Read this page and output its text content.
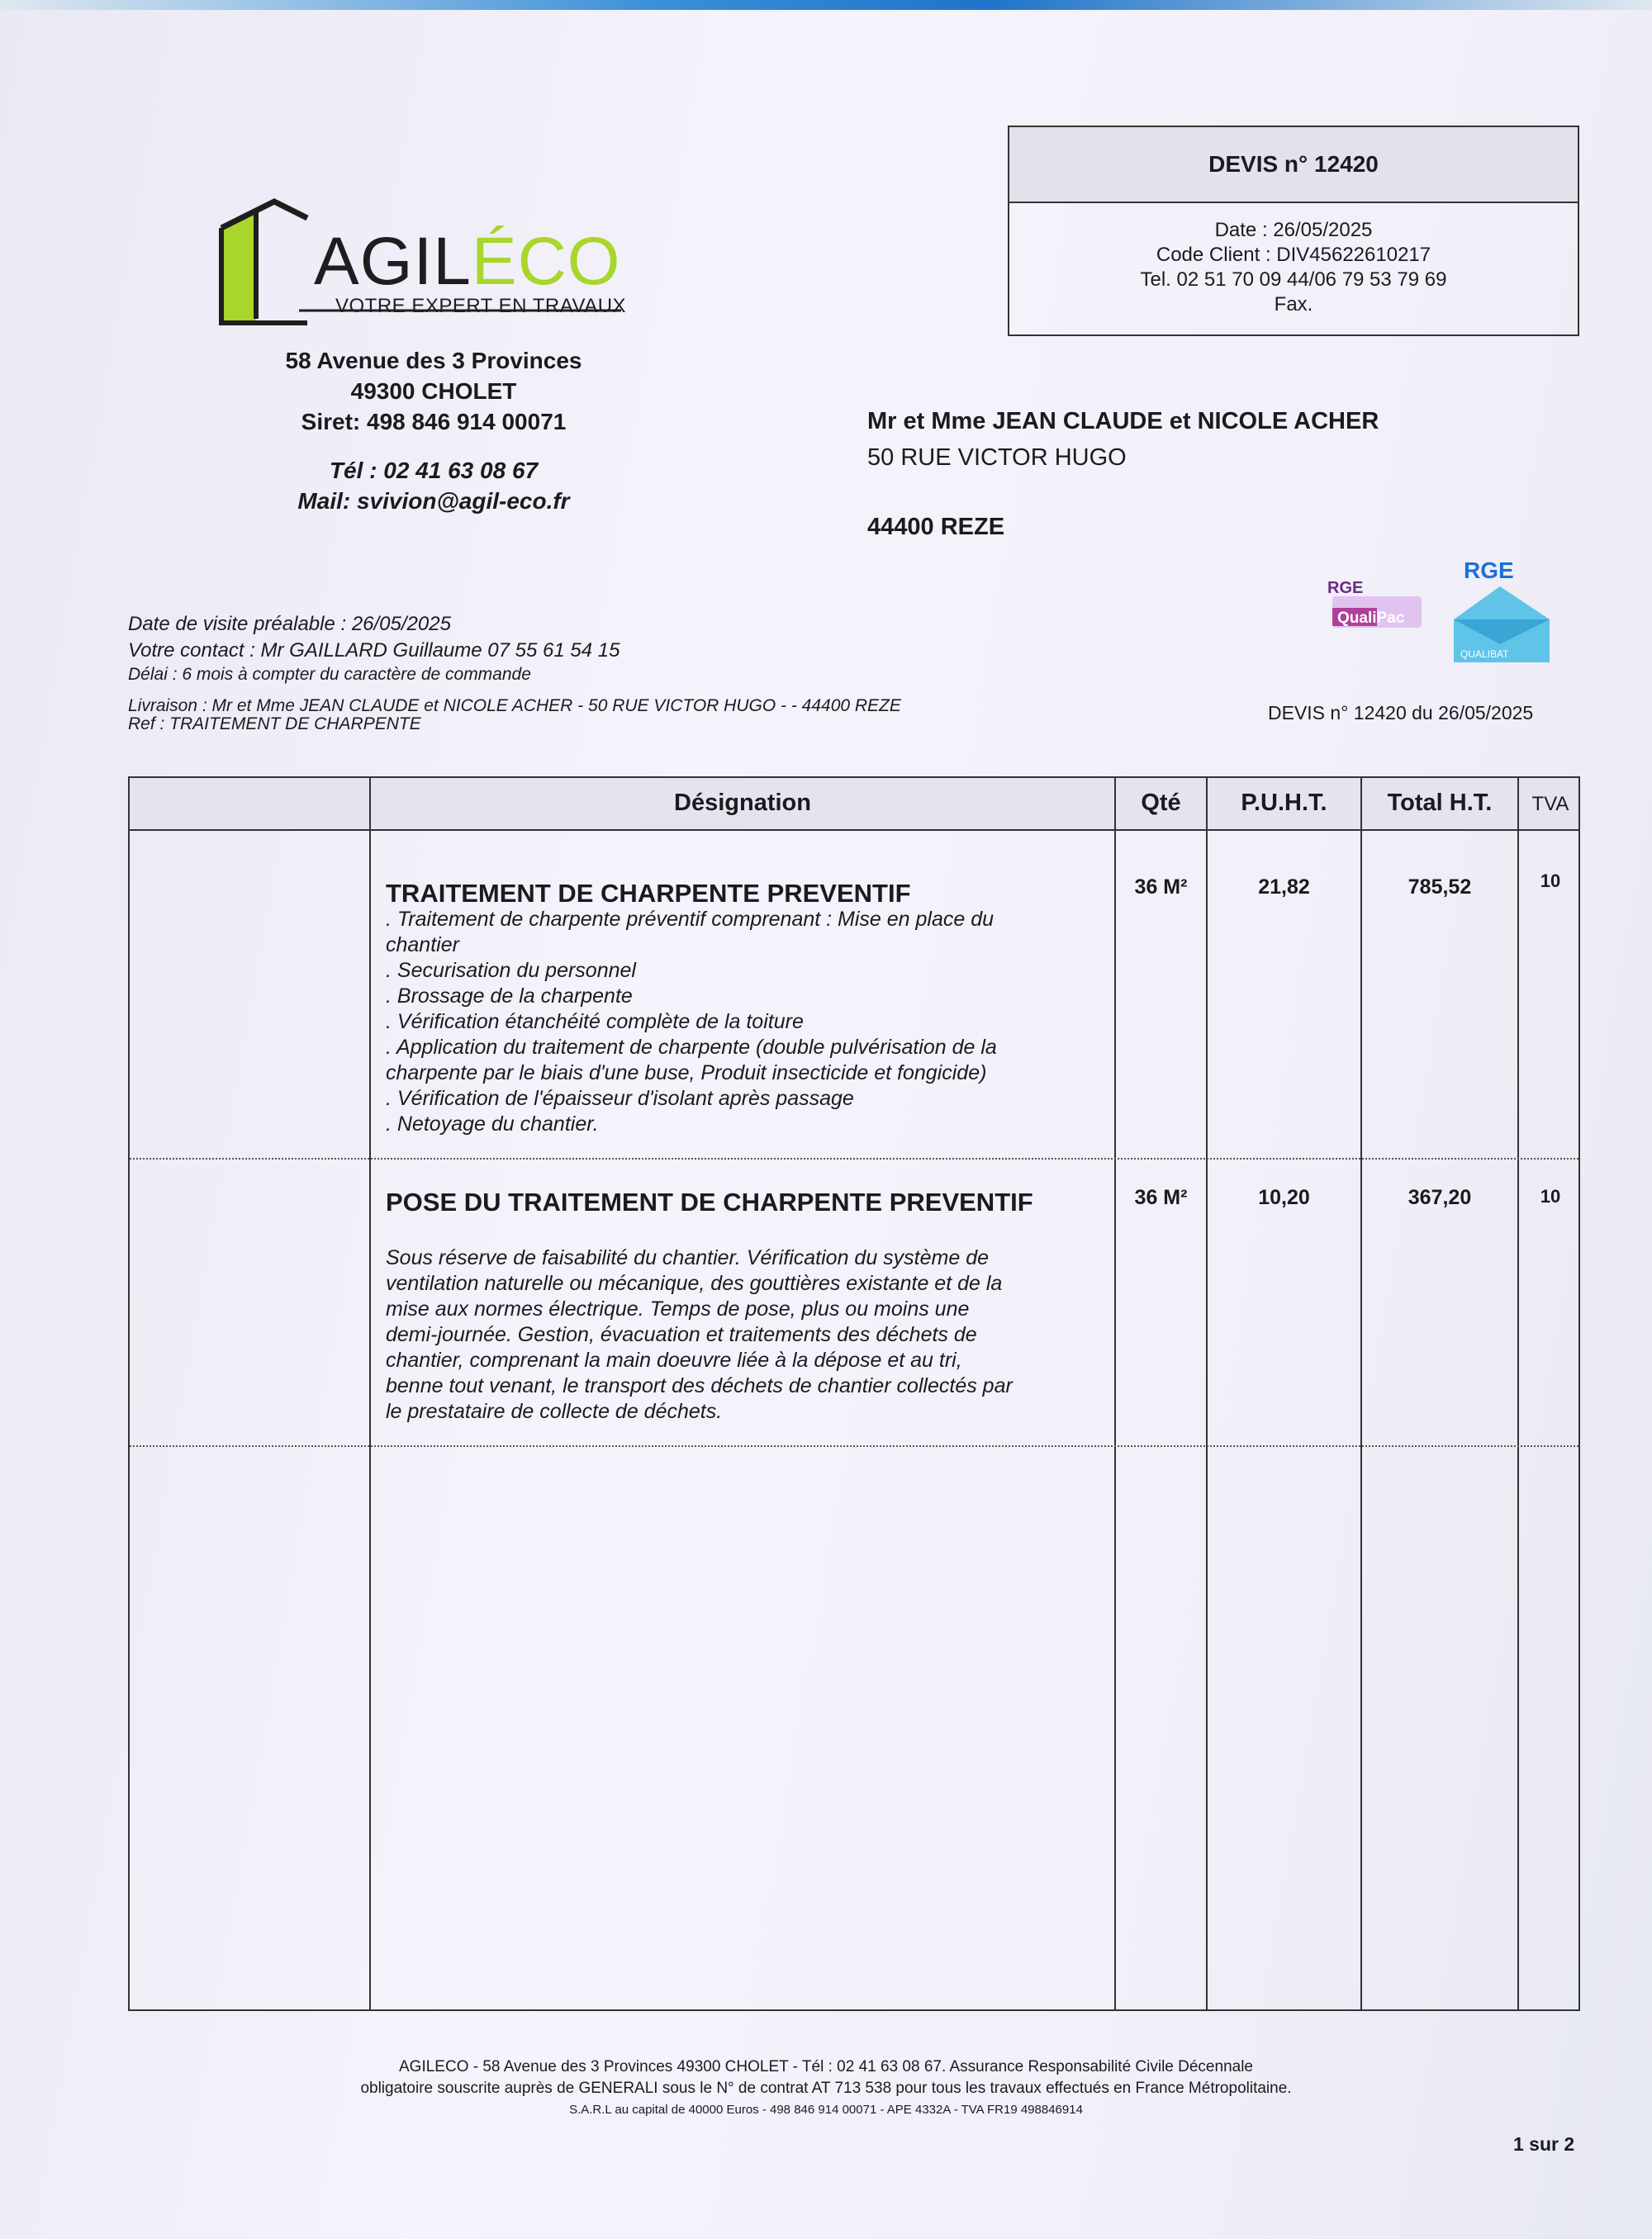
AGILÉCO
VOTRE EXPERT EN TRAVAUX
58 Avenue des 3 Provinces
49300 CHOLET
Siret: 498 846 914 00071
Tél : 02 41 63 08 67
Mail: svivion@agil-eco.fr
DEVIS n° 12420
Date : 26/05/2025
Code Client : DIV45622610217
Tel. 02 51 70 09 44/06 79 53 79 69
Fax.
Mr et Mme JEAN CLAUDE et NICOLE ACHER
50 RUE VICTOR HUGO
44400 REZE
RGE
QualiPac
RGE
QUALIBAT
Date de visite préalable : 26/05/2025
Votre contact : Mr GAILLARD Guillaume 07 55 61 54 15
Délai : 6 mois à compter du caractère de commande
Livraison : Mr et Mme JEAN CLAUDE et NICOLE ACHER - 50 RUE VICTOR HUGO - - 44400 REZE
Ref : TRAITEMENT DE CHARPENTE
DEVIS n° 12420 du 26/05/2025
Désignation	Qté	P.U.H.T.	Total H.T.	TVA
TRAITEMENT DE CHARPENTE PREVENTIF
. Traitement de charpente préventif comprenant : Mise en place du
chantier
. Securisation du personnel
. Brossage de la charpente
. Vérification étanchéité complète de la toiture
. Application du traitement de charpente (double pulvérisation de la
charpente par le biais d'une buse, Produit insecticide et fongicide)
. Vérification de l'épaisseur d'isolant après passage
. Netoyage du chantier.
36 M²	21,82	785,52	10
POSE DU TRAITEMENT DE CHARPENTE PREVENTIF
Sous réserve de faisabilité du chantier. Vérification du système de
ventilation naturelle ou mécanique, des gouttières existante et de la
mise aux normes électrique. Temps de pose, plus ou moins une
demi-journée. Gestion, évacuation et traitements des déchets de
chantier, comprenant la main doeuvre liée à la dépose et au tri,
benne tout venant, le transport des déchets de chantier collectés par
le prestataire de collecte de déchets.
36 M²	10,20	367,20	10
AGILECO - 58 Avenue des 3 Provinces 49300 CHOLET - Tél : 02 41 63 08 67. Assurance Responsabilité Civile Décennale
obligatoire souscrite auprès de GENERALI sous le N° de contrat AT 713 538 pour tous les travaux effectués en France Métropolitaine.
S.A.R.L au capital de 40000 Euros - 498 846 914 00071 - APE 4332A - TVA FR19 498846914
1 sur 2
